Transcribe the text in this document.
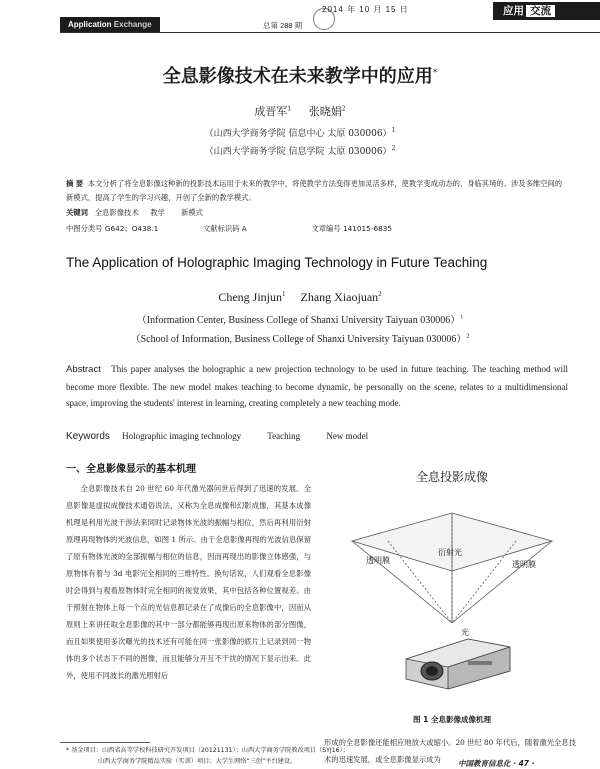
Application Exchange	总第 288 期
2014 年 10 月 15 日	应用 交流
全息影像技术在未来教学中的应用*
成晋军$^1$ 张晓娟$^2$
（山西大学商务学院 信息中心 太原 030006）$^1$
（山西大学商务学院 信息学院 太原 030006）$^2$
摘 要 本文分析了将全息影像这种新的投影技术运用于未来的教学中，将使教学方法变得更加灵活多样，使教学变成动态的、身临其境的、涉及多维空间的新模式，提高了学生的学习兴趣，开创了全新的教学模式。
关键词 全息影像技术 教学 新模式
中图分类号 G642；O438.1	文献标识码 A	文章编号 141015-6835
The Application of Holographic Imaging Technology in Future Teaching
Cheng Jinjun$^1$ Zhang Xiaojuan$^2$
（Information Center, Business College of Shanxi University Taiyuan 030006）$^1$
（School of Information, Business College of Shanxi University Taiyuan 030006）$^2$
Abstract This paper analyses the holographic a new projection technology to be used in future teaching. The teaching method will become more flexible. The new model makes teaching to become dynamic, be personally on the scene, relates to a multidimensional space, improving the students' interest in learning, creating completely a new teaching mode.
Keywords Holographic imaging technology	Teaching	New model
一、全息影像显示的基本机理

全息影像技术自 20 世纪 60 年代激光器问世后得到了迅速的发展。全息影像是虚拟成像技术通俗说法，又称为全息成像和幻影成像，其基本成像机理是利用光波干涉法来同时记录物体光波的振幅与相位，然后再利用衍射原理再现物体的光波信息，如图 1 所示。由于全息影像再现的光波信息保留了原有物体光波的全部振幅与相位的信息，因而再现出的影像立体感强，与原物体有着与 3d 电影完全相同的三维特性。换句话说，人们观看全息影像时会得到与观看原物体时完全相同的视觉效果，其中包括各种位置视差。由于照射在物体上每一个点的光信息都记录在了成像后的全息影像中，因而从原则上来讲任取全息影像的其中一部分都能够再现出原来物体的部分图像，而且如果使用多次曝光的技术还有可能在同一张影像的底片上记录到同一物体的多个状态下不同的图像，而且能够分开互不干扰的情况下显示出来。此外，使用不同波长的激光照射后

全息投影成像
透明膜
衍射光
透明膜
光
图 1 全息影像成像机理

形成的全息影像还能相应地放大或缩小。20 世纪 80 年代后，随着激光全息技术的迅速发展，或全息影像显示成为

* 基金项目：山西省高等学校科技研究开发项目（20121131）；山西大学商务学院教改项目（SYJ16）；
山西大学商务学院精品实验（实训）项目；大学生网络“三创”平台建设。	中国教育信息化 · 47 ·
